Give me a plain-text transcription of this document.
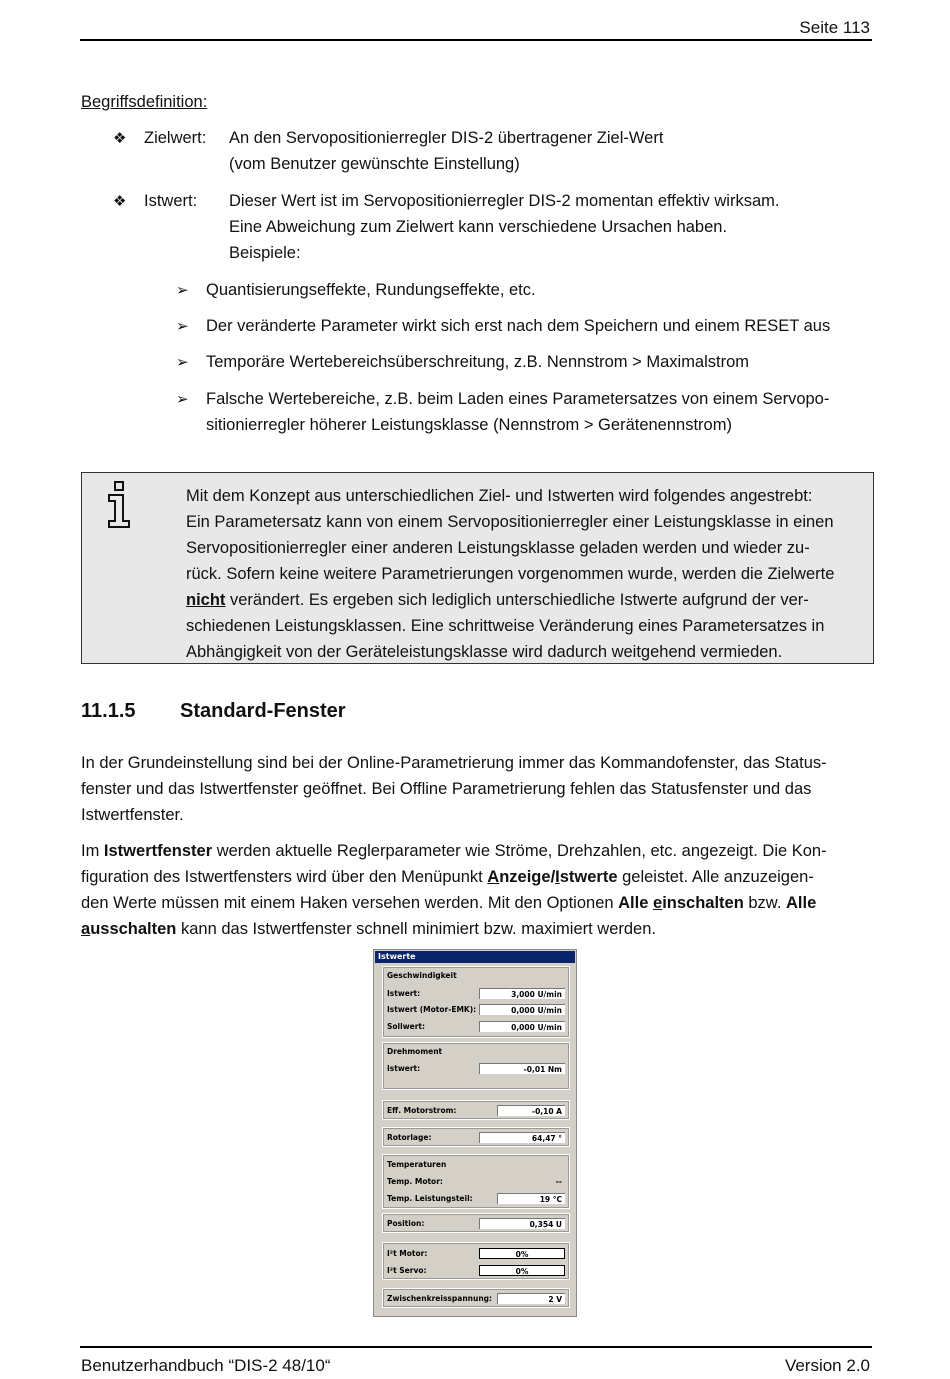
Seite 113
Begriffsdefinition:
❖ Zielwert: An den Servopositionierregler DIS-2 übertragener Ziel-Wert
(vom Benutzer gewünschte Einstellung)
❖ Istwert: Dieser Wert ist im Servopositionierregler DIS-2 momentan effektiv wirksam.
Eine Abweichung zum Zielwert kann verschiedene Ursachen haben.
Beispiele:
➢ Quantisierungseffekte, Rundungseffekte, etc.
➢ Der veränderte Parameter wirkt sich erst nach dem Speichern und einem RESET aus
➢ Temporäre Wertebereichsüberschreitung, z.B. Nennstrom > Maximalstrom
➢ Falsche Wertebereiche, z.B. beim Laden eines Parametersatzes von einem Servopo-
sitionierregler höherer Leistungsklasse (Nennstrom > Gerätenennstrom)
Mit dem Konzept aus unterschiedlichen Ziel- und Istwerten wird folgendes angestrebt:
Ein Parametersatz kann von einem Servopositionierregler einer Leistungsklasse in einen
Servopositionierregler einer anderen Leistungsklasse geladen werden und wieder zu-
rück. Sofern keine weitere Parametrierungen vorgenommen wurde, werden die Zielwerte
nicht verändert. Es ergeben sich lediglich unterschiedliche Istwerte aufgrund der ver-
schiedenen Leistungsklassen. Eine schrittweise Veränderung eines Parametersatzes in
Abhängigkeit von der Geräteleistungsklasse wird dadurch weitgehend vermieden.
11.1.5 Standard-Fenster
In der Grundeinstellung sind bei der Online-Parametrierung immer das Kommandofenster, das Status-
fenster und das Istwertfenster geöffnet. Bei Offline Parametrierung fehlen das Statusfenster und das
Istwertfenster.
Im Istwertfenster werden aktuelle Reglerparameter wie Ströme, Drehzahlen, etc. angezeigt. Die Kon-
figuration des Istwertfensters wird über den Menüpunkt Anzeige/Istwerte geleistet. Alle anzuzeigen-
den Werte müssen mit einem Haken versehen werden. Mit den Optionen Alle einschalten bzw. Alle
ausschalten kann das Istwertfenster schnell minimiert bzw. maximiert werden.
Istwerte
Geschwindigkeit
Istwert:	3,000 U/min
Istwert (Motor-EMK):	0,000 U/min
Sollwert:	0,000 U/min
Drehmoment
Istwert:	-0,01 Nm
Eff. Motorstrom:	-0,10 A
Rotorlage:	64,47 °
Temperaturen
Temp. Motor:	--
Temp. Leistungsteil:	19 °C
Position:	0,354 U
I²t Motor:	0%
I²t Servo:	0%
Zwischenkreisspannung:	2 V
Benutzerhandbuch “DIS-2 48/10“	Version 2.0
